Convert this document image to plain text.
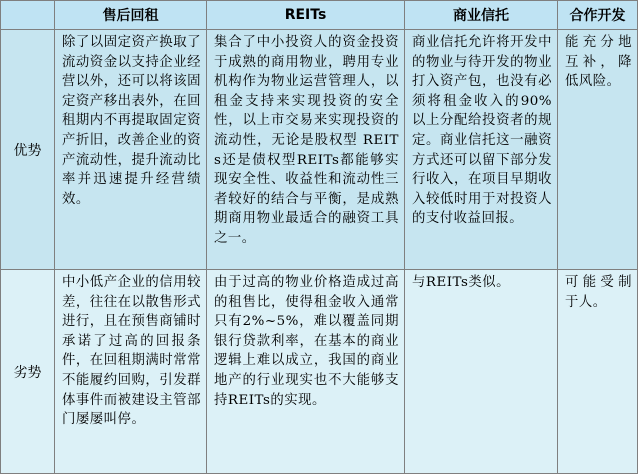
	售后回租	REITs	商业信托	合作开发
优势	除了以固定资产换取了流动资金以支持企业经营以外，还可以将该固定资产移出表外，在回租期内不再提取固定资产折旧，改善企业的资产流动性，提升流动比率并迅速提升经营绩效。	集合了中小投资人的资金投资于成熟的商用物业，聘用专业机构作为物业运营管理人，以租金支持来实现投资的安全性，以上市交易来实现投资的流动性，无论是股权型 REITs还是债权型REITs都能够实现安全性、收益性和流动性三者较好的结合与平衡，是成熟期商用物业最适合的融资工具之一。	商业信托允许将开发中的物业与待开发的物业打入资产包，也没有必须将租金收入的90%以上分配给投资者的规定。商业信托这一融资方式还可以留下部分发行收入，在项目早期收入较低时用于对投资人的支付收益回报。	能充分地互补，降低风险。
劣势	中小低产企业的信用较差，往往在以散售形式进行，且在预售商铺时承诺了过高的回报条件，在回租期满时常常不能履约回购，引发群体事件而被建设主管部门屡屡叫停。	由于过高的物业价格造成过高的租售比，使得租金收入通常只有2%~5%，难以覆盖同期银行贷款利率，在基本的商业逻辑上难以成立，我国的商业地产的行业现实也不大能够支持REITs的实现。	与REITs类似。	可能受制于人。
